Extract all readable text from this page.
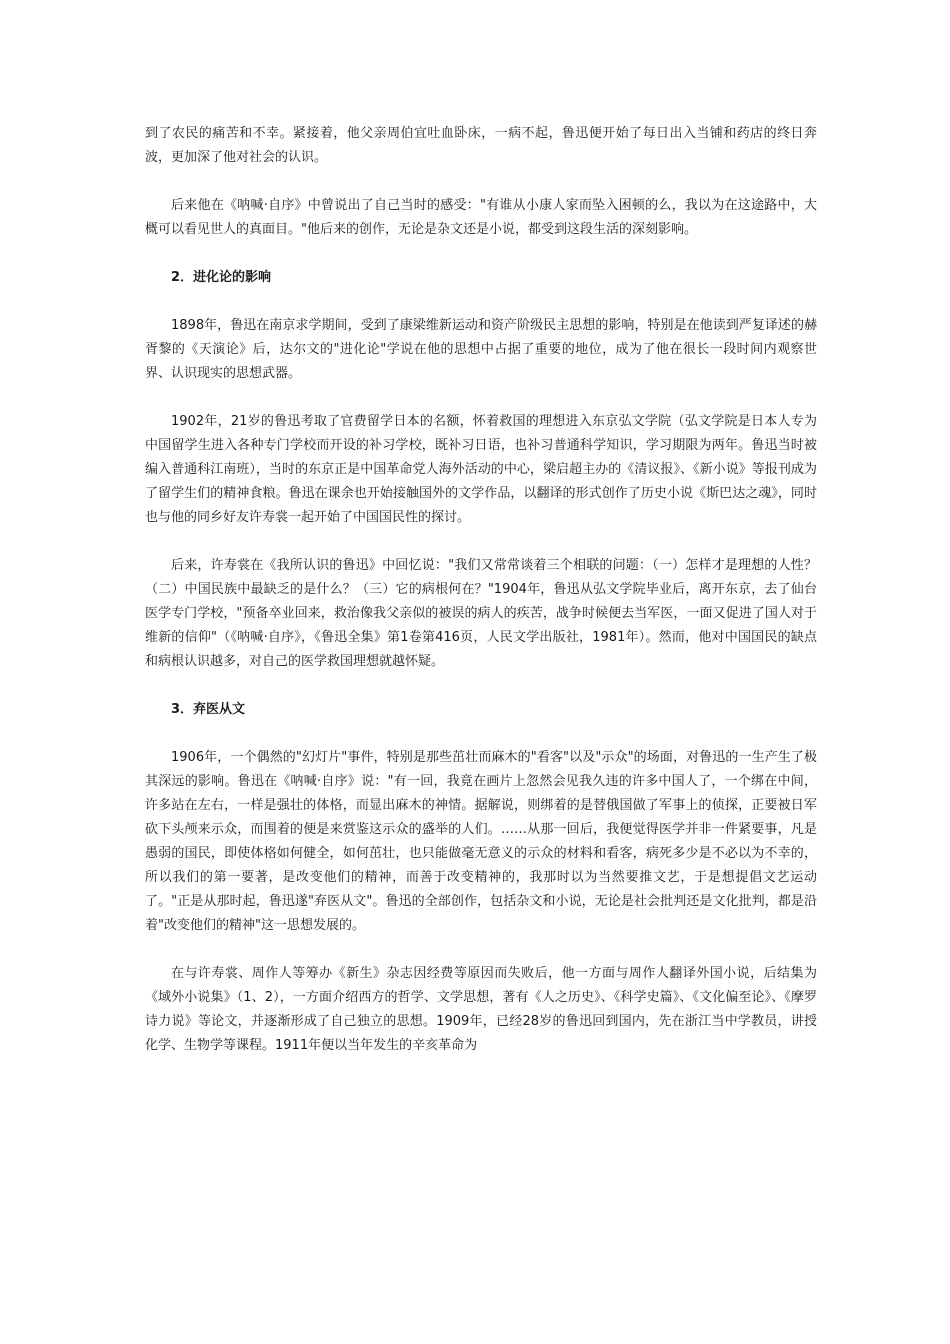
到了农民的痛苦和不幸。紧接着，他父亲周伯宜吐血卧床，一病不起，鲁迅便开始了每日出入当铺和药店的终日奔波，更加深了他对社会的认识。

后来他在《呐喊·自序》中曾说出了自己当时的感受："有谁从小康人家而坠入困顿的么，我以为在这途路中，大概可以看见世人的真面目。"他后来的创作，无论是杂文还是小说，都受到这段生活的深刻影响。

2．进化论的影响

1898年，鲁迅在南京求学期间，受到了康梁维新运动和资产阶级民主思想的影响，特别是在他读到严复译述的赫胥黎的《天演论》后，达尔文的"进化论"学说在他的思想中占据了重要的地位，成为了他在很长一段时间内观察世界、认识现实的思想武器。

1902年，21岁的鲁迅考取了官费留学日本的名额，怀着救国的理想进入东京弘文学院（弘文学院是日本人专为中国留学生进入各种专门学校而开设的补习学校，既补习日语，也补习普通科学知识，学习期限为两年。鲁迅当时被编入普通科江南班），当时的东京正是中国革命党人海外活动的中心，梁启超主办的《清议报》、《新小说》等报刊成为了留学生们的精神食粮。鲁迅在课余也开始接触国外的文学作品，以翻译的形式创作了历史小说《斯巴达之魂》，同时也与他的同乡好友许寿裳一起开始了中国国民性的探讨。

后来，许寿裳在《我所认识的鲁迅》中回忆说："我们又常常谈着三个相联的问题：（一）怎样才是理想的人性？（二）中国民族中最缺乏的是什么？（三）它的病根何在？"1904年，鲁迅从弘文学院毕业后，离开东京，去了仙台医学专门学校，"预备卒业回来，救治像我父亲似的被误的病人的疾苦，战争时候便去当军医，一面又促进了国人对于维新的信仰"（《呐喊·自序》，《鲁迅全集》第1卷第416页，人民文学出版社，1981年）。然而，他对中国国民的缺点和病根认识越多，对自己的医学救国理想就越怀疑。

3．弃医从文

1906年，一个偶然的"幻灯片"事件，特别是那些茁壮而麻木的"看客"以及"示众"的场面，对鲁迅的一生产生了极其深远的影响。鲁迅在《呐喊·自序》说："有一回，我竟在画片上忽然会见我久违的许多中国人了，一个绑在中间，许多站在左右，一样是强壮的体格，而显出麻木的神情。据解说，则绑着的是替俄国做了军事上的侦探，正要被日军砍下头颅来示众，而围着的便是来赏鉴这示众的盛举的人们。……从那一回后，我便觉得医学并非一件紧要事，凡是愚弱的国民，即使体格如何健全，如何茁壮，也只能做毫无意义的示众的材料和看客，病死多少是不必以为不幸的，所以我们的第一要著，是改变他们的精神，而善于改变精神的，我那时以为当然要推文艺，于是想提倡文艺运动了。"正是从那时起，鲁迅遂"弃医从文"。鲁迅的全部创作，包括杂文和小说，无论是社会批判还是文化批判，都是沿着"改变他们的精神"这一思想发展的。

在与许寿裳、周作人等筹办《新生》杂志因经费等原因而失败后，他一方面与周作人翻译外国小说，后结集为《域外小说集》（1、2），一方面介绍西方的哲学、文学思想，著有《人之历史》、《科学史篇》、《文化偏至论》、《摩罗诗力说》等论文，并逐渐形成了自己独立的思想。1909年，已经28岁的鲁迅回到国内，先在浙江当中学教员，讲授化学、生物学等课程。1911年便以当年发生的辛亥革命为
